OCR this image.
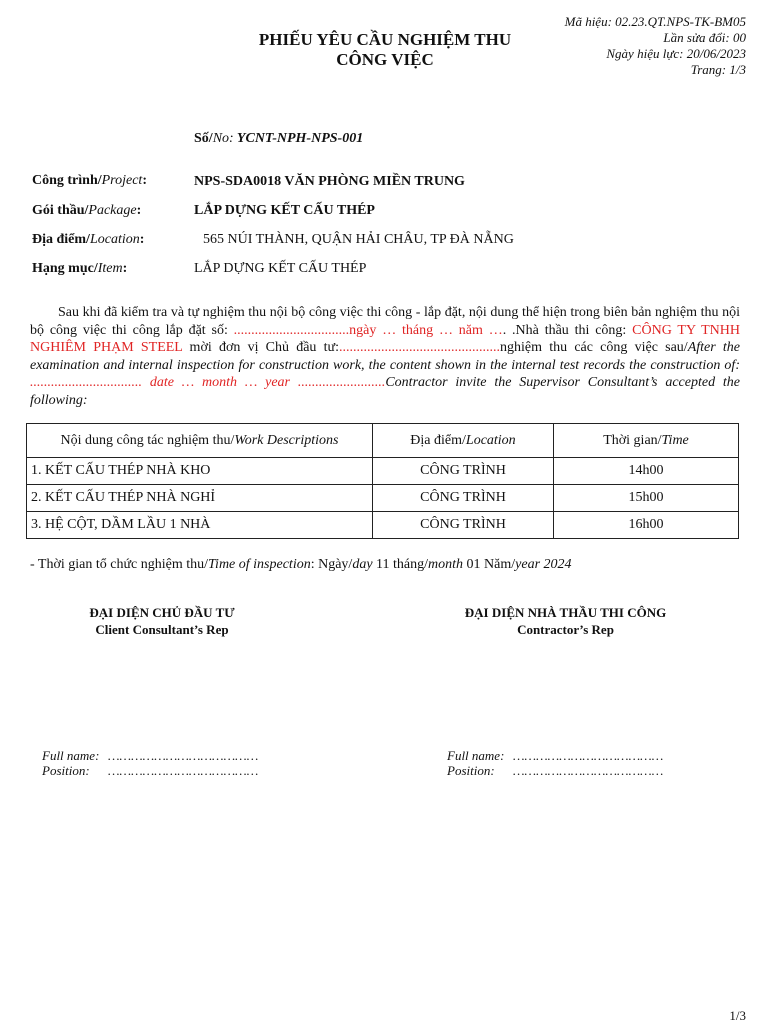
PHIẾU YÊU CẦU NGHIỆM THU
CÔNG VIỆC
Mã hiệu: 02.23.QT.NPS-TK-BM05
Lần sửa đổi: 00
Ngày hiệu lực: 20/06/2023
Trang: 1/3
Số/No: YCNT-NPH-NPS-001
Công trình/Project:	NPS-SDA0018 VĂN PHÒNG MIỀN TRUNG
Gói thầu/Package:	LẮP DỰNG KẾT CẤU THÉP
Địa điểm/Location:	565 NÚI THÀNH, QUẬN HẢI CHÂU, TP ĐÀ NẴNG
Hạng mục/Item:	LẮP DỰNG KẾT CẤU THÉP
Sau khi đã kiểm tra và tự nghiệm thu nội bộ công việc thi công - lắp đặt, nội dung thể hiện trong biên bản nghiệm thu nội bộ công việc thi công lắp đặt số: .................................ngày … tháng … năm …. .Nhà thầu thi công: CÔNG TY TNHH NGHIÊM PHẠM STEEL mời đơn vị Chủ đầu tư:..............................................nghiệm thu các công việc sau/After the examination and internal inspection for construction work, the content shown in the internal test records the construction of: ................................ date … month … year .........................Contractor invite the Supervisor Consultant’s accepted the following:
Nội dung công tác nghiệm thu/Work Descriptions	Địa điểm/Location	Thời gian/Time
1. KẾT CẤU THÉP NHÀ KHO	CÔNG TRÌNH	14h00
2. KẾT CẤU THÉP NHÀ NGHỈ	CÔNG TRÌNH	15h00
3. HỆ CỘT, DẦM LẦU 1 NHÀ	CÔNG TRÌNH	16h00
- Thời gian tổ chức nghiệm thu/Time of inspection: Ngày/day 11 tháng/month 01 Năm/year 2024
ĐẠI DIỆN CHỦ ĐẦU TƯ
Client Consultant’s Rep
ĐẠI DIỆN NHÀ THẦU THI CÔNG
Contractor’s Rep
Full name: …………………………………
Position: …………………………………
Full name: …………………………………
Position: …………………………………
1/3
